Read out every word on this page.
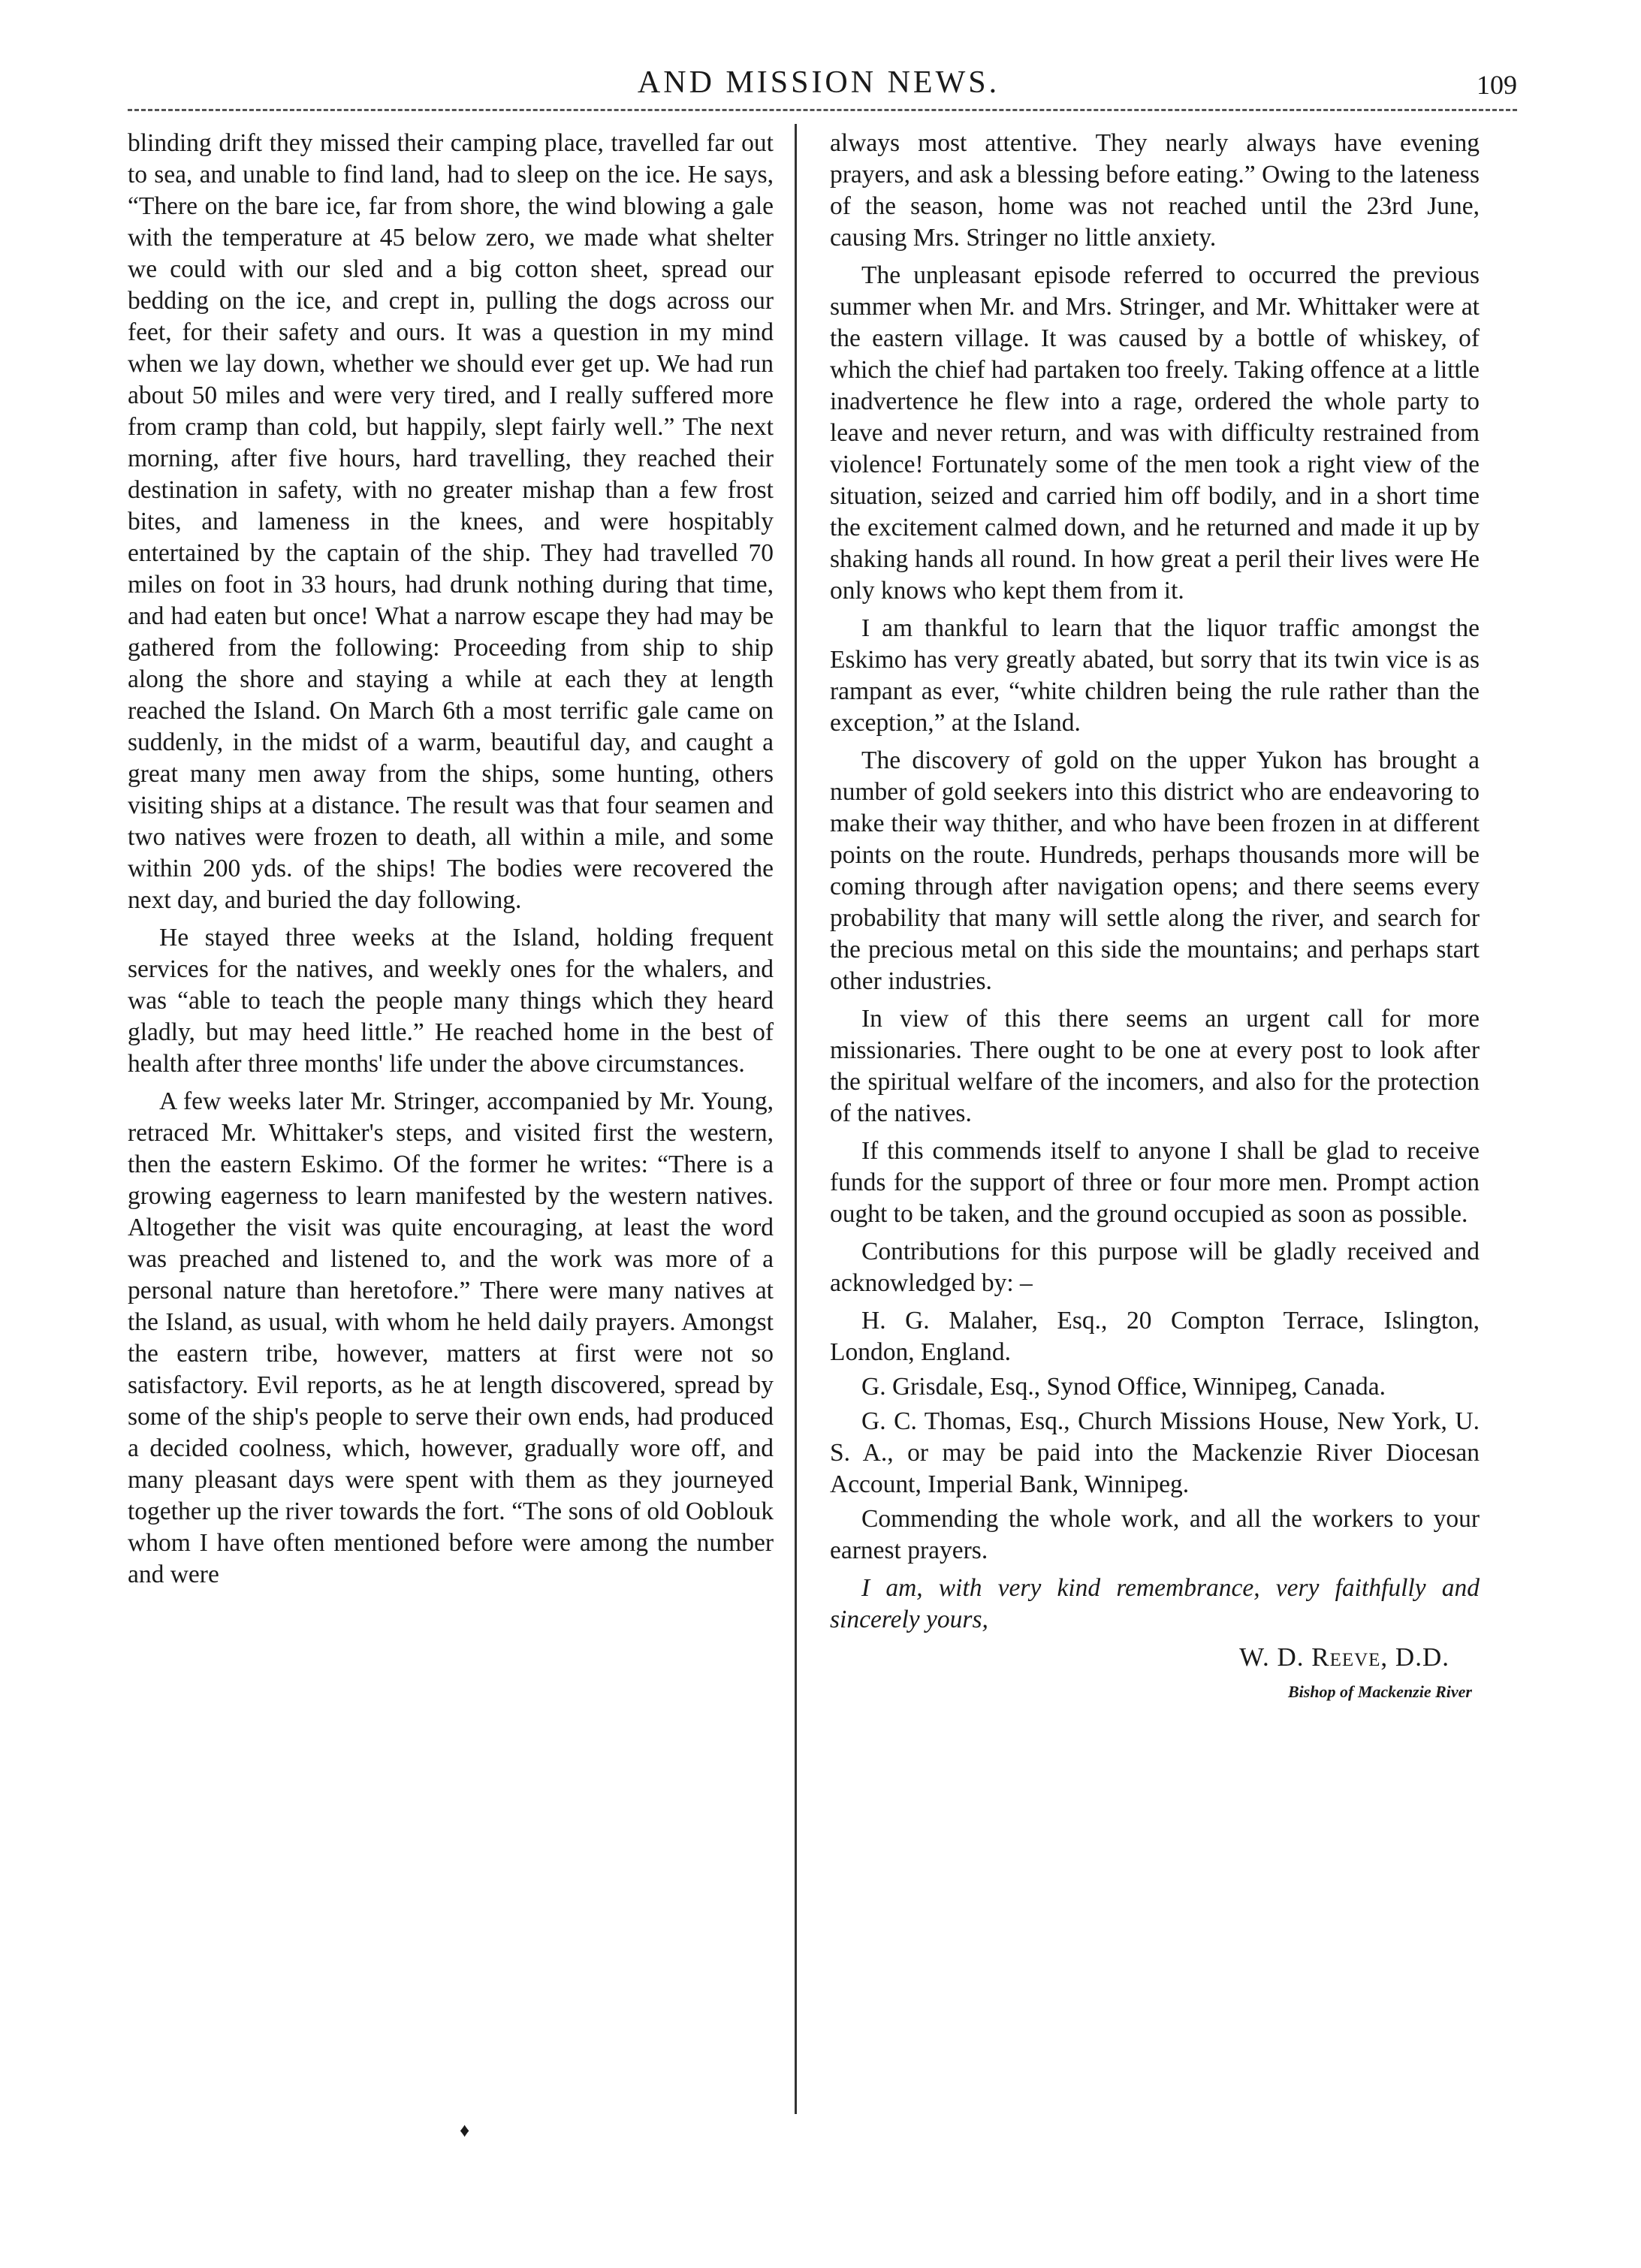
AND MISSION NEWS.	109

blinding drift they missed their camping place, travelled far out to sea, and unable to find land, had to sleep on the ice. He says, “There on the bare ice, far from shore, the wind blowing a gale with the temperature at 45 below zero, we made what shelter we could with our sled and a big cotton sheet, spread our bedding on the ice, and crept in, pulling the dogs across our feet, for their safety and ours. It was a question in my mind when we lay down, whether we should ever get up. We had run about 50 miles and were very tired, and I really suffered more from cramp than cold, but happily, slept fairly well.” The next morning, after five hours, hard travelling, they reached their destination in safety, with no greater mishap than a few frost bites, and lameness in the knees, and were hospitably entertained by the captain of the ship. They had travelled 70 miles on foot in 33 hours, had drunk nothing during that time, and had eaten but once! What a narrow escape they had may be gathered from the following: Proceeding from ship to ship along the shore and staying a while at each they at length reached the Island. On March 6th a most terrific gale came on suddenly, in the midst of a warm, beautiful day, and caught a great many men away from the ships, some hunting, others visiting ships at a distance. The result was that four seamen and two natives were frozen to death, all within a mile, and some within 200 yds. of the ships! The bodies were recovered the next day, and buried the day following.

He stayed three weeks at the Island, holding frequent services for the natives, and weekly ones for the whalers, and was “able to teach the people many things which they heard gladly, but may heed little.” He reached home in the best of health after three months' life under the above circumstances.

A few weeks later Mr. Stringer, accompanied by Mr. Young, retraced Mr. Whittaker's steps, and visited first the western, then the eastern Eskimo. Of the former he writes: “There is a growing eagerness to learn manifested by the western natives. Altogether the visit was quite encouraging, at least the word was preached and listened to, and the work was more of a personal nature than heretofore.” There were many natives at the Island, as usual, with whom he held daily prayers. Amongst the eastern tribe, however, matters at first were not so satisfactory. Evil reports, as he at length discovered, spread by some of the ship's people to serve their own ends, had produced a decided coolness, which, however, gradually wore off, and many pleasant days were spent with them as they journeyed together up the river towards the fort. “The sons of old Ooblouk whom I have often mentioned before were among the number and were

always most attentive. They nearly always have evening prayers, and ask a blessing before eating.” Owing to the lateness of the season, home was not reached until the 23rd June, causing Mrs. Stringer no little anxiety.

The unpleasant episode referred to occurred the previous summer when Mr. and Mrs. Stringer, and Mr. Whittaker were at the eastern village. It was caused by a bottle of whiskey, of which the chief had partaken too freely. Taking offence at a little inadvertence he flew into a rage, ordered the whole party to leave and never return, and was with difficulty restrained from violence! Fortunately some of the men took a right view of the situation, seized and carried him off bodily, and in a short time the excitement calmed down, and he returned and made it up by shaking hands all round. In how great a peril their lives were He only knows who kept them from it.

I am thankful to learn that the liquor traffic amongst the Eskimo has very greatly abated, but sorry that its twin vice is as rampant as ever, “white children being the rule rather than the exception,” at the Island.

The discovery of gold on the upper Yukon has brought a number of gold seekers into this district who are endeavoring to make their way thither, and who have been frozen in at different points on the route. Hundreds, perhaps thousands more will be coming through after navigation opens; and there seems every probability that many will settle along the river, and search for the precious metal on this side the mountains; and perhaps start other industries.

In view of this there seems an urgent call for more missionaries. There ought to be one at every post to look after the spiritual welfare of the incomers, and also for the protection of the natives.

If this commends itself to anyone I shall be glad to receive funds for the support of three or four more men. Prompt action ought to be taken, and the ground occupied as soon as possible.

Contributions for this purpose will be gladly received and acknowledged by: –

H. G. Malaher, Esq., 20 Compton Terrace, Islington, London, England.

G. Grisdale, Esq., Synod Office, Winnipeg, Canada.

G. C. Thomas, Esq., Church Missions House, New York, U. S. A., or may be paid into the Mackenzie River Diocesan Account, Imperial Bank, Winnipeg.

Commending the whole work, and all the workers to your earnest prayers.

I am, with very kind remembrance, very faithfully and sincerely yours,

W. D. Reeve, D.D.
Bishop of Mackenzie River
♦
